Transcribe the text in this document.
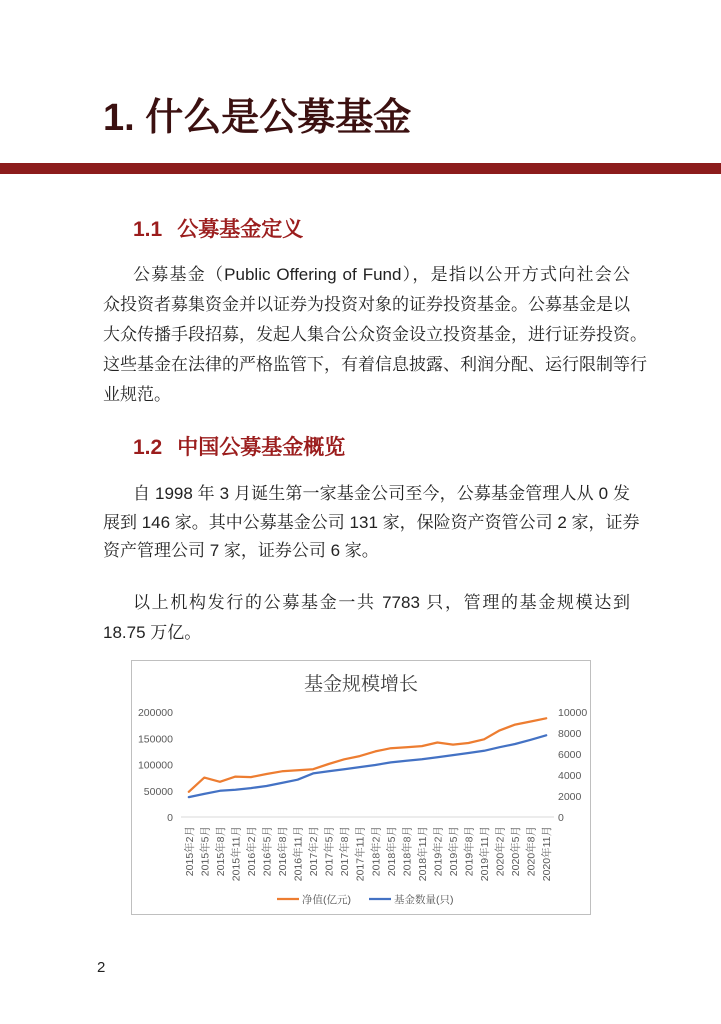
1. 什么是公募基金
1.1 公募基金定义
公募基金（Public Offering of Fund），是指以公开方式向社会公
众投资者募集资金并以证券为投资对象的证券投资基金。公募基金是以
大众传播手段招募，发起人集合公众资金设立投资基金，进行证券投资。
这些基金在法律的严格监管下，有着信息披露、利润分配、运行限制等行
业规范。
1.2 中国公募基金概览
自 1998 年 3 月诞生第一家基金公司至今，公募基金管理人从 0 发
展到 146 家。其中公募基金公司 131 家，保险资产资管公司 2 家，证券
资产管理公司 7 家，证券公司 6 家。
以上机构发行的公募基金一共 7783 只，管理的基金规模达到
18.75 万亿。
基金规模增长
200000
150000
100000
50000
0
10000
8000
6000
4000
2000
0
2015年2月 2015年5月 2015年8月 2015年11月 2016年2月 2016年5月 2016年8月 2016年11月 2017年2月 2017年5月 2017年8月 2017年11月 2018年2月 2018年5月 2018年8月 2018年11月 2019年2月 2019年5月 2019年8月 2019年11月 2020年2月 2020年5月 2020年8月 2020年11月
净值(亿元)	基金数量(只)
2
